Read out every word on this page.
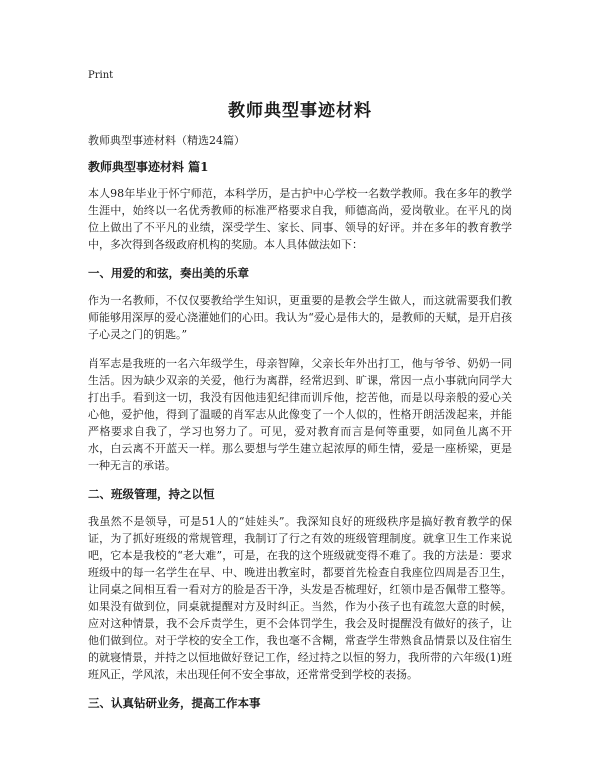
Print
教师典型事迹材料
教师典型事迹材料（精选24篇）
教师典型事迹材料 篇1

本人98年毕业于怀宁师范，本科学历，是古护中心学校一名数学教师。我在多年的教学生涯中，始终以一名优秀教师的标准严格要求自我，师德高尚，爱岗敬业。在平凡的岗位上做出了不平凡的业绩，深受学生、家长、同事、领导的好评。并在多年的教育教学中，多次得到各级政府机构的奖励。本人具体做法如下：

一、用爱的和弦，奏出美的乐章

作为一名教师，不仅仅要教给学生知识，更重要的是教会学生做人，而这就需要我们教师能够用深厚的爱心浇灌她们的心田。我认为“爱心是伟大的，是教师的天赋，是开启孩子心灵之门的钥匙。”

肖军志是我班的一名六年级学生，母亲智障，父亲长年外出打工，他与爷爷、奶奶一同生活。因为缺少双亲的关爱，他行为离群，经常迟到、旷课，常因一点小事就向同学大打出手。看到这一切，我没有因他违犯纪律而训斥他，挖苦他，而是以母亲般的爱心关心他，爱护他，得到了温暖的肖军志从此像变了一个人似的，性格开朗活泼起来，并能严格要求自我了，学习也努力了。可见，爱对教育而言是何等重要，如同鱼儿离不开水，白云离不开蓝天一样。那么要想与学生建立起浓厚的师生情，爱是一座桥梁，更是一种无言的承诺。

二、班级管理，持之以恒

我虽然不是领导，可是51人的“娃娃头”。我深知良好的班级秩序是搞好教育教学的保证，为了抓好班级的常规管理，我制订了行之有效的班级管理制度。就拿卫生工作来说吧，它本是我校的“老大难”，可是，在我的这个班级就变得不难了。我的方法是：要求班级中的每一名学生在早、中、晚进出教室时，都要首先检查自我座位四周是否卫生，让同桌之间相互看一看对方的脸是否干净，头发是否梳理好，红领巾是否佩带工整等。如果没有做到位，同桌就提醒对方及时纠正。当然，作为小孩子也有疏忽大意的时候，应对这种情景，我不会斥责学生，更不会体罚学生，我会及时提醒没有做好的孩子，让他们做到位。对于学校的安全工作，我也毫不含糊，常查学生带熟食品情景以及住宿生的就寝情景，并持之以恒地做好登记工作，经过持之以恒的努力，我所带的六年级(1)班班风正，学风浓，未出现任何不安全事故，还常常受到学校的表扬。

三、认真钻研业务，提高工作本事
